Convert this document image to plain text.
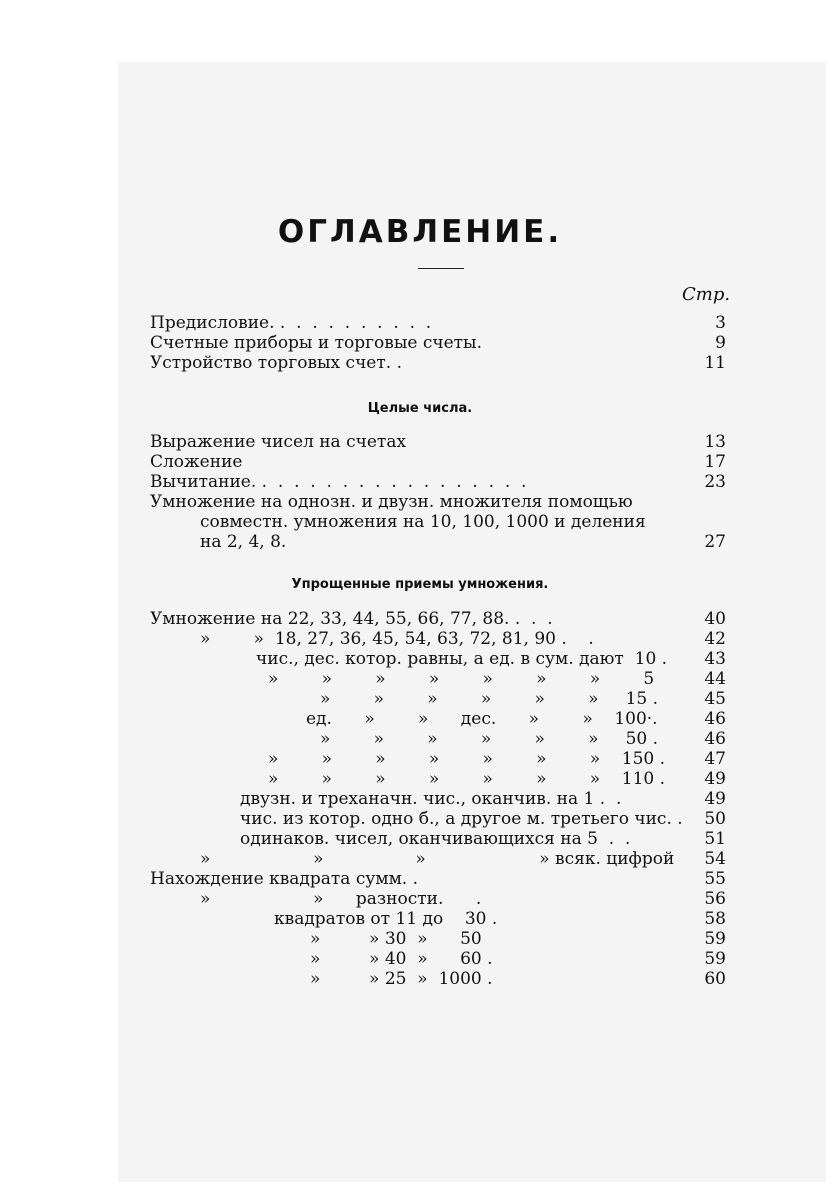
ОГЛАВЛЕНИЕ.
Стр.
Предисловие. .  .  .  .  .  .  .  .  .  .	3
Счетные приборы и торговые счеты.	9
Устройство торговых счет. .	11
Целые числа.
Выражение чисел на счетах	13
Сложение	17
Вычитание. .  .  .  .  .  .  .  .  .  .  .  .  .  .  .  .  .	23
Умножение на однозн. и двузн. множителя помощью
совместн. умножения на 10, 100, 1000 и деления
на 2, 4, 8.	27
Упрощенные приемы умножения.
Умножение на 22, 33, 44, 55, 66, 77, 88. .  .  .	40
»        »  18, 27, 36, 45, 54, 63, 72, 81, 90 .    .	42
чис., дес. котор. равны, а ед. в сум. дают  10 .	43
»        »        »        »        »        »        »        5	44
»        »        »        »        »        »     15 .	45
ед.      »        »      дес.      »        »    100·.	46
»        »        »        »        »        »     50 .	46
»        »        »        »        »        »        »    150 .	47
»        »        »        »        »        »        »    110 .	49
двузн. и треханачн. чис., оканчив. на 1 .  .	49
чис. из котор. одно б., а другое м. третьего чис. .	50
одинаков. чисел, оканчивающихся на 5  .  .	51
»                   »                 »                     » всяк. цифрой	54
Нахождение квадрата сумм. .	55
»                   »      разности.      .	56
квадратов от 11 до    30 .	58
»         » 30  »      50	59
»         » 40  »      60 .	59
»         » 25  »  1000 .	60
